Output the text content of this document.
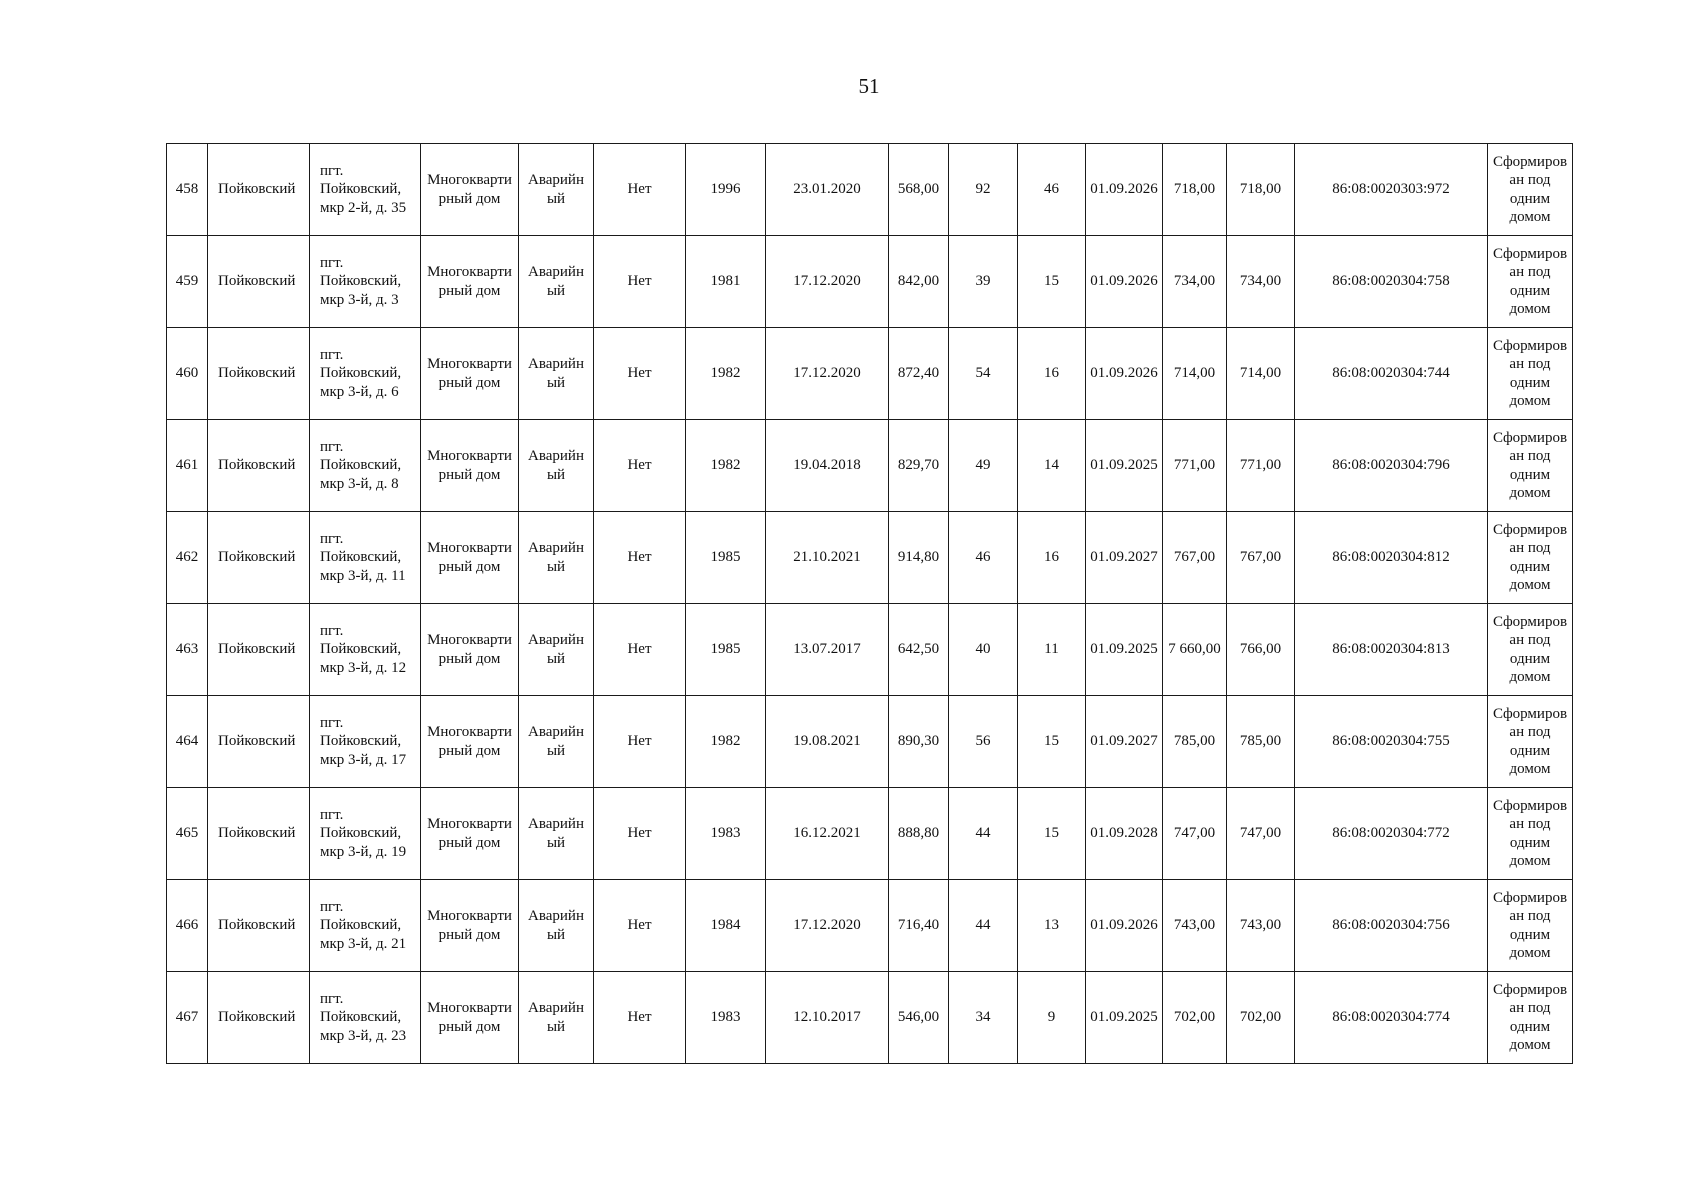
51
458	Пойковский	пгт. Пойковский, мкр 2-й, д. 35	Многоквартирный дом	Аварийный	Нет	1996	23.01.2020	568,00	92	46	01.09.2026	718,00	718,00	86:08:0020303:972	Сформирован под одним домом
459	Пойковский	пгт. Пойковский, мкр 3-й, д. 3	Многоквартирный дом	Аварийный	Нет	1981	17.12.2020	842,00	39	15	01.09.2026	734,00	734,00	86:08:0020304:758	Сформирован под одним домом
460	Пойковский	пгт. Пойковский, мкр 3-й, д. 6	Многоквартирный дом	Аварийный	Нет	1982	17.12.2020	872,40	54	16	01.09.2026	714,00	714,00	86:08:0020304:744	Сформирован под одним домом
461	Пойковский	пгт. Пойковский, мкр 3-й, д. 8	Многоквартирный дом	Аварийный	Нет	1982	19.04.2018	829,70	49	14	01.09.2025	771,00	771,00	86:08:0020304:796	Сформирован под одним домом
462	Пойковский	пгт. Пойковский, мкр 3-й, д. 11	Многоквартирный дом	Аварийный	Нет	1985	21.10.2021	914,80	46	16	01.09.2027	767,00	767,00	86:08:0020304:812	Сформирован под одним домом
463	Пойковский	пгт. Пойковский, мкр 3-й, д. 12	Многоквартирный дом	Аварийный	Нет	1985	13.07.2017	642,50	40	11	01.09.2025	7 660,00	766,00	86:08:0020304:813	Сформирован под одним домом
464	Пойковский	пгт. Пойковский, мкр 3-й, д. 17	Многоквартирный дом	Аварийный	Нет	1982	19.08.2021	890,30	56	15	01.09.2027	785,00	785,00	86:08:0020304:755	Сформирован под одним домом
465	Пойковский	пгт. Пойковский, мкр 3-й, д. 19	Многоквартирный дом	Аварийный	Нет	1983	16.12.2021	888,80	44	15	01.09.2028	747,00	747,00	86:08:0020304:772	Сформирован под одним домом
466	Пойковский	пгт. Пойковский, мкр 3-й, д. 21	Многоквартирный дом	Аварийный	Нет	1984	17.12.2020	716,40	44	13	01.09.2026	743,00	743,00	86:08:0020304:756	Сформирован под одним домом
467	Пойковский	пгт. Пойковский, мкр 3-й, д. 23	Многоквартирный дом	Аварийный	Нет	1983	12.10.2017	546,00	34	9	01.09.2025	702,00	702,00	86:08:0020304:774	Сформирован под одним домом
